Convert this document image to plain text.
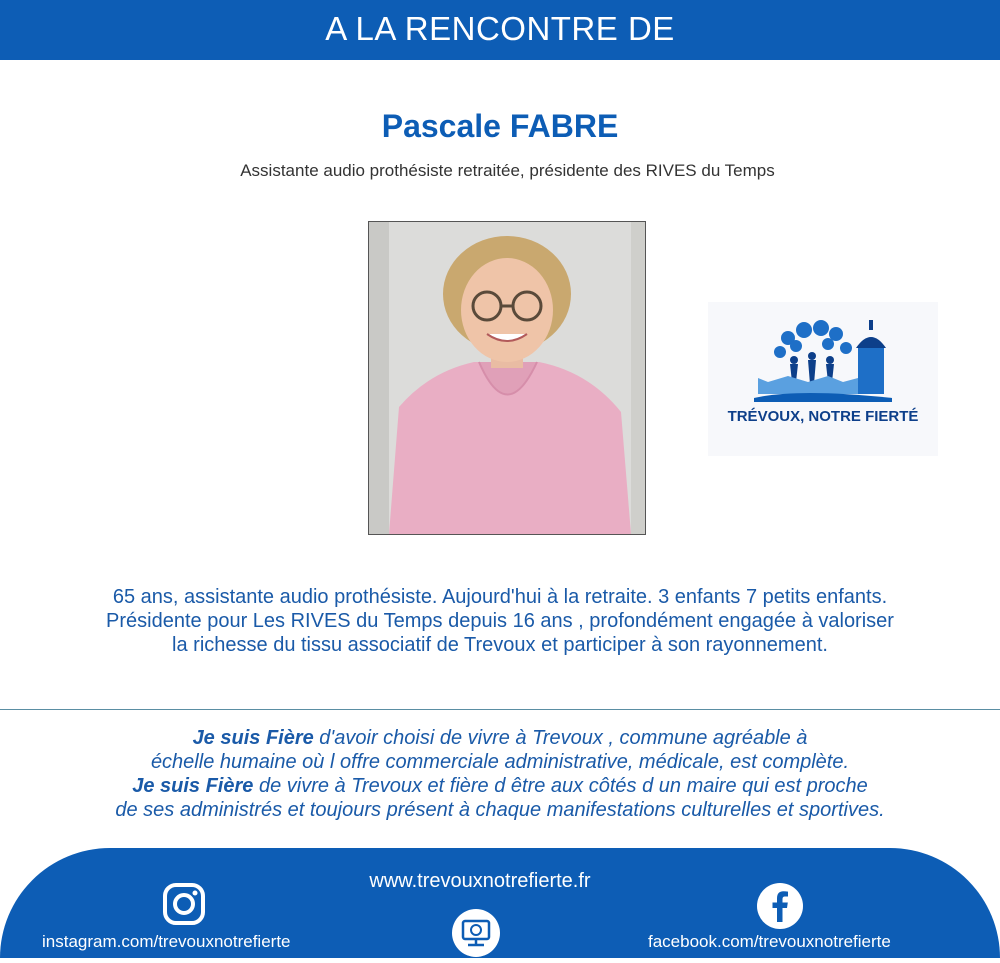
A LA RENCONTRE DE
Pascale FABRE
Assistante audio prothésiste retraitée, présidente des RIVES du Temps
TRÉVOUX, NOTRE FIERTÉ
65 ans, assistante audio prothésiste. Aujourd'hui à la retraite. 3 enfants 7 petits enfants.
Présidente pour Les RIVES du Temps depuis 16 ans , profondément engagée à valoriser
la richesse du tissu associatif de Trevoux et participer à son rayonnement.
Je suis Fière d'avoir choisi de vivre à Trevoux , commune agréable à
échelle humaine où l offre commerciale administrative, médicale, est complète.
Je suis Fière de vivre à Trevoux et fière d être aux côtés d un maire qui est proche
de ses administrés et toujours présent à chaque manifestations culturelles et sportives.
www.trevouxnotrefierte.fr
instagram.com/trevouxnotrefierte	facebook.com/trevouxnotrefierte
